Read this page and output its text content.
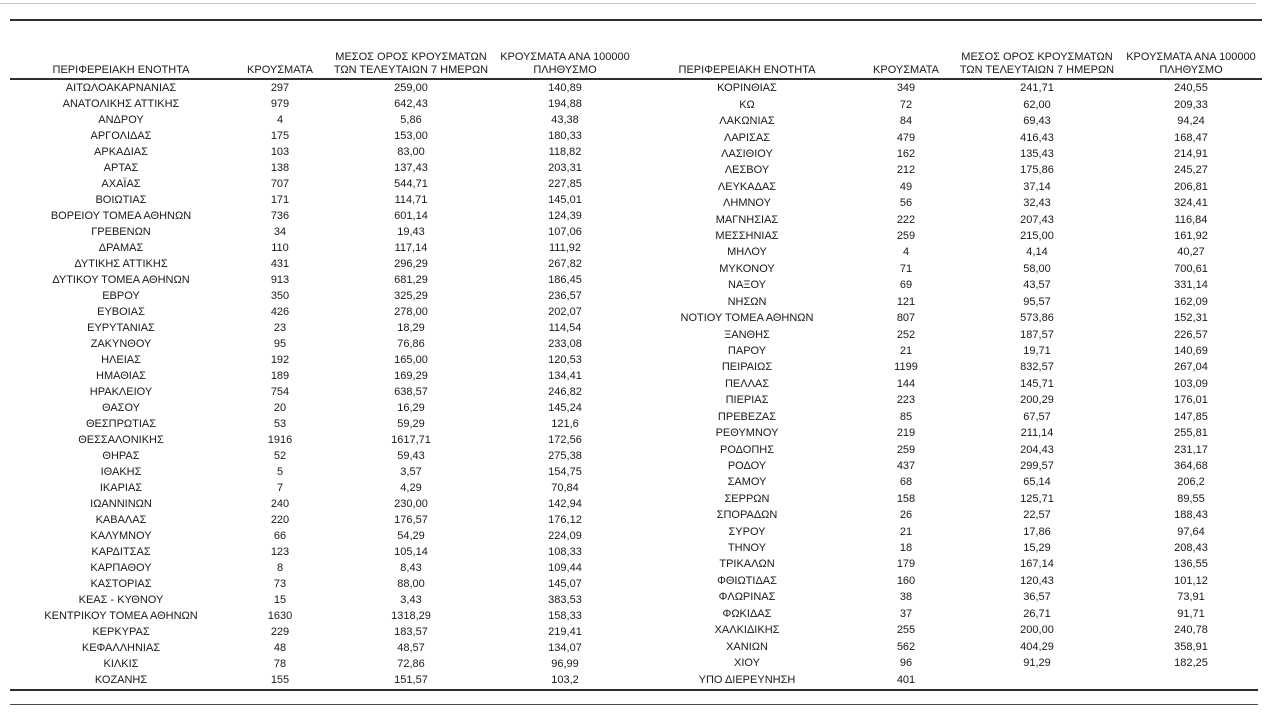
ΠΕΡΙΦΕΡΕΙΑΚΗ ΕΝΟΤΗΤΑ	ΚΡΟΥΣΜΑΤΑ	
ΜΕΣΟΣ ΟΡΟΣ ΚΡΟΥΣΜΑΤΩΝ
ΤΩΝ ΤΕΛΕΥΤΑΙΩΝ 7 ΗΜΕΡΩΝ

ΚΡΟΥΣΜΑΤΑ ΑΝΑ 100000
ΠΛΗΘΥΣΜΟ

ΑΙΤΩΛΟΑΚΑΡΝΑΝΙΑΣ	297	259,00	140,89
ΑΝΑΤΟΛΙΚΗΣ ΑΤΤΙΚΗΣ	979	642,43	194,88
ΑΝΔΡΟΥ	4	5,86	43,38
ΑΡΓΟΛΙΔΑΣ	175	153,00	180,33
ΑΡΚΑΔΙΑΣ	103	83,00	118,82
ΑΡΤΑΣ	138	137,43	203,31
ΑΧΑΪΑΣ	707	544,71	227,85
ΒΟΙΩΤΙΑΣ	171	114,71	145,01
ΒΟΡΕΙΟΥ ΤΟΜΕΑ ΑΘΗΝΩΝ	736	601,14	124,39
ΓΡΕΒΕΝΩΝ	34	19,43	107,06
ΔΡΑΜΑΣ	110	117,14	111,92
ΔΥΤΙΚΗΣ ΑΤΤΙΚΗΣ	431	296,29	267,82
ΔΥΤΙΚΟΥ ΤΟΜΕΑ ΑΘΗΝΩΝ	913	681,29	186,45
ΕΒΡΟΥ	350	325,29	236,57
ΕΥΒΟΙΑΣ	426	278,00	202,07
ΕΥΡΥΤΑΝΙΑΣ	23	18,29	114,54
ΖΑΚΥΝΘΟΥ	95	76,86	233,08
ΗΛΕΙΑΣ	192	165,00	120,53
ΗΜΑΘΙΑΣ	189	169,29	134,41
ΗΡΑΚΛΕΙΟΥ	754	638,57	246,82
ΘΑΣΟΥ	20	16,29	145,24
ΘΕΣΠΡΩΤΙΑΣ	53	59,29	121,6
ΘΕΣΣΑΛΟΝΙΚΗΣ	1916	1617,71	172,56
ΘΗΡΑΣ	52	59,43	275,38
ΙΘΑΚΗΣ	5	3,57	154,75
ΙΚΑΡΙΑΣ	7	4,29	70,84
ΙΩΑΝΝΙΝΩΝ	240	230,00	142,94
ΚΑΒΑΛΑΣ	220	176,57	176,12
ΚΑΛΥΜΝΟΥ	66	54,29	224,09
ΚΑΡΔΙΤΣΑΣ	123	105,14	108,33
ΚΑΡΠΑΘΟΥ	8	8,43	109,44
ΚΑΣΤΟΡΙΑΣ	73	88,00	145,07
ΚΕΑΣ - ΚΥΘΝΟΥ	15	3,43	383,53
ΚΕΝΤΡΙΚΟΥ ΤΟΜΕΑ ΑΘΗΝΩΝ	1630	1318,29	158,33
ΚΕΡΚΥΡΑΣ	229	183,57	219,41
ΚΕΦΑΛΛΗΝΙΑΣ	48	48,57	134,07
ΚΙΛΚΙΣ	78	72,86	96,99
ΚΟΖΑΝΗΣ	155	151,57	103,2
ΠΕΡΙΦΕΡΕΙΑΚΗ ΕΝΟΤΗΤΑ	ΚΡΟΥΣΜΑΤΑ	
ΜΕΣΟΣ ΟΡΟΣ ΚΡΟΥΣΜΑΤΩΝ
ΤΩΝ ΤΕΛΕΥΤΑΙΩΝ 7 ΗΜΕΡΩΝ

ΚΡΟΥΣΜΑΤΑ ΑΝΑ 100000
ΠΛΗΘΥΣΜΟ

ΚΟΡΙΝΘΙΑΣ	349	241,71	240,55
ΚΩ	72	62,00	209,33
ΛΑΚΩΝΙΑΣ	84	69,43	94,24
ΛΑΡΙΣΑΣ	479	416,43	168,47
ΛΑΣΙΘΙΟΥ	162	135,43	214,91
ΛΕΣΒΟΥ	212	175,86	245,27
ΛΕΥΚΑΔΑΣ	49	37,14	206,81
ΛΗΜΝΟΥ	56	32,43	324,41
ΜΑΓΝΗΣΙΑΣ	222	207,43	116,84
ΜΕΣΣΗΝΙΑΣ	259	215,00	161,92
ΜΗΛΟΥ	4	4,14	40,27
ΜΥΚΟΝΟΥ	71	58,00	700,61
ΝΑΞΟΥ	69	43,57	331,14
ΝΗΣΩΝ	121	95,57	162,09
ΝΟΤΙΟΥ ΤΟΜΕΑ ΑΘΗΝΩΝ	807	573,86	152,31
ΞΑΝΘΗΣ	252	187,57	226,57
ΠΑΡΟΥ	21	19,71	140,69
ΠΕΙΡΑΙΩΣ	1199	832,57	267,04
ΠΕΛΛΑΣ	144	145,71	103,09
ΠΙΕΡΙΑΣ	223	200,29	176,01
ΠΡΕΒΕΖΑΣ	85	67,57	147,85
ΡΕΘΥΜΝΟΥ	219	211,14	255,81
ΡΟΔΟΠΗΣ	259	204,43	231,17
ΡΟΔΟΥ	437	299,57	364,68
ΣΑΜΟΥ	68	65,14	206,2
ΣΕΡΡΩΝ	158	125,71	89,55
ΣΠΟΡΑΔΩΝ	26	22,57	188,43
ΣΥΡΟΥ	21	17,86	97,64
ΤΗΝΟΥ	18	15,29	208,43
ΤΡΙΚΑΛΩΝ	179	167,14	136,55
ΦΘΙΩΤΙΔΑΣ	160	120,43	101,12
ΦΛΩΡΙΝΑΣ	38	36,57	73,91
ΦΩΚΙΔΑΣ	37	26,71	91,71
ΧΑΛΚΙΔΙΚΗΣ	255	200,00	240,78
ΧΑΝΙΩΝ	562	404,29	358,91
ΧΙΟΥ	96	91,29	182,25
ΥΠΟ ΔΙΕΡΕΥΝΗΣΗ	401		
